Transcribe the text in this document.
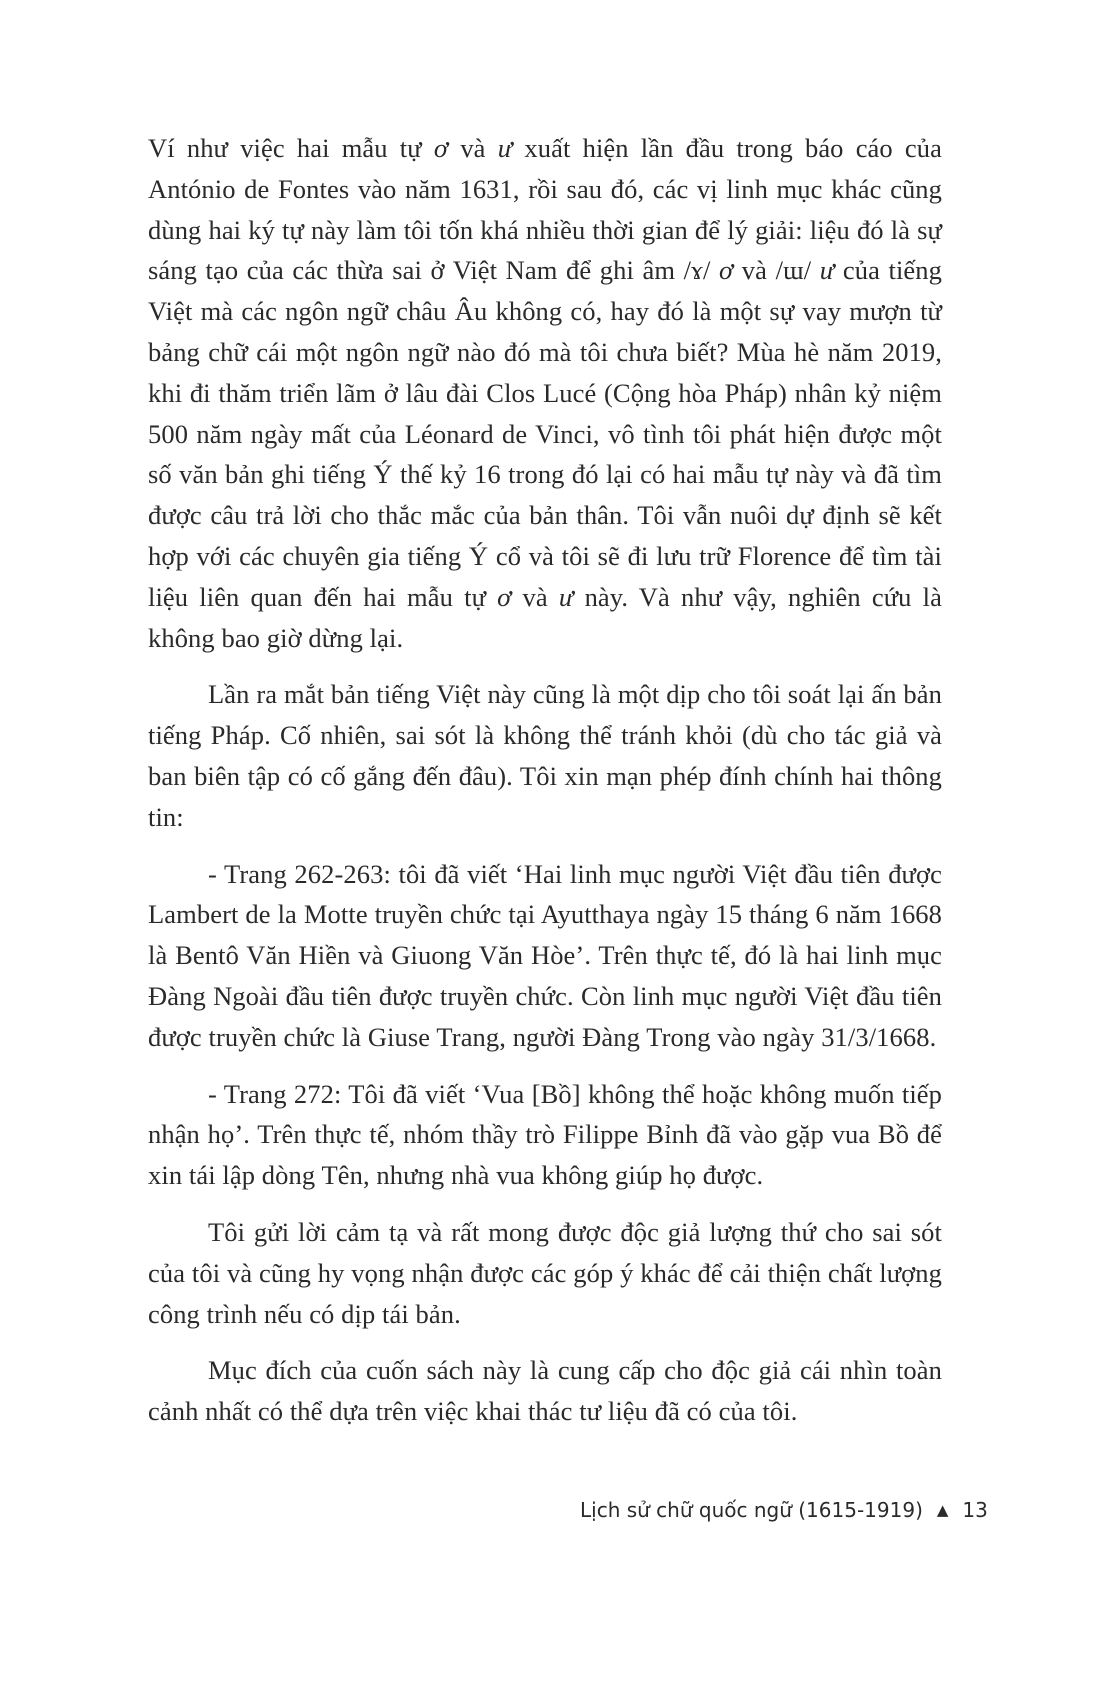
Ví như việc hai mẫu tự ơ và ư xuất hiện lần đầu trong báo cáo của António de Fontes vào năm 1631, rồi sau đó, các vị linh mục khác cũng dùng hai ký tự này làm tôi tốn khá nhiều thời gian để lý giải: liệu đó là sự sáng tạo của các thừa sai ở Việt Nam để ghi âm /ɤ/ ơ và /ɯ/ ư của tiếng Việt mà các ngôn ngữ châu Âu không có, hay đó là một sự vay mượn từ bảng chữ cái một ngôn ngữ nào đó mà tôi chưa biết? Mùa hè năm 2019, khi đi thăm triển lãm ở lâu đài Clos Lucé (Cộng hòa Pháp) nhân kỷ niệm 500 năm ngày mất của Léonard de Vinci, vô tình tôi phát hiện được một số văn bản ghi tiếng Ý thế kỷ 16 trong đó lại có hai mẫu tự này và đã tìm được câu trả lời cho thắc mắc của bản thân. Tôi vẫn nuôi dự định sẽ kết hợp với các chuyên gia tiếng Ý cổ và tôi sẽ đi lưu trữ Florence để tìm tài liệu liên quan đến hai mẫu tự ơ và ư này. Và như vậy, nghiên cứu là không bao giờ dừng lại.

Lần ra mắt bản tiếng Việt này cũng là một dịp cho tôi soát lại ấn bản tiếng Pháp. Cố nhiên, sai sót là không thể tránh khỏi (dù cho tác giả và ban biên tập có cố gắng đến đâu). Tôi xin mạn phép đính chính hai thông tin:

- Trang 262-263: tôi đã viết ‘Hai linh mục người Việt đầu tiên được Lambert de la Motte truyền chức tại Ayutthaya ngày 15 tháng 6 năm 1668 là Bentô Văn Hiền và Giuong Văn Hòe’. Trên thực tế, đó là hai linh mục Đàng Ngoài đầu tiên được truyền chức. Còn linh mục người Việt đầu tiên được truyền chức là Giuse Trang, người Đàng Trong vào ngày 31/3/1668.

- Trang 272: Tôi đã viết ‘Vua [Bồ] không thể hoặc không muốn tiếp nhận họ’. Trên thực tế, nhóm thầy trò Filippe Bỉnh đã vào gặp vua Bồ để xin tái lập dòng Tên, nhưng nhà vua không giúp họ được.

Tôi gửi lời cảm tạ và rất mong được độc giả lượng thứ cho sai sót của tôi và cũng hy vọng nhận được các góp ý khác để cải thiện chất lượng công trình nếu có dịp tái bản.

Mục đích của cuốn sách này là cung cấp cho độc giả cái nhìn toàn cảnh nhất có thể dựa trên việc khai thác tư liệu đã có của tôi.

Lịch sử chữ quốc ngữ (1615-1919) ▲ 13
